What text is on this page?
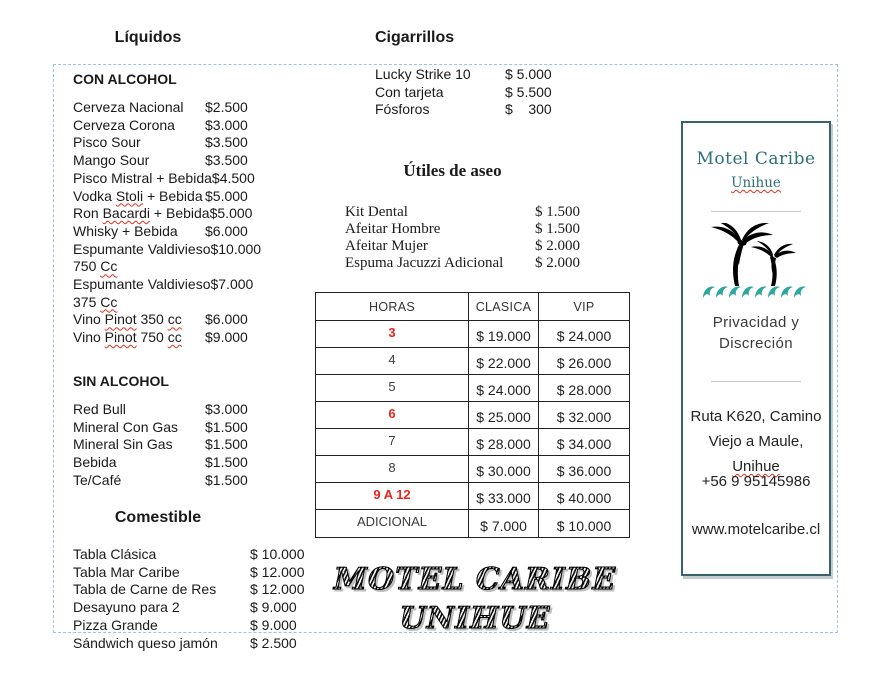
Líquidos	Cigarrillos
Útiles de aseo
Comestible
CON ALCOHOL
Cerveza Nacional $2.500
Cerveza Corona $3.000
Pisco Sour	$3.500
Mango Sour	$3.500
Pisco Mistral + Bebida$4.500
Vodka Stoli + Bebida $5.000
Ron Bacardi + Bebida$5.000
Whisky + Bebida $6.000
Espumante Valdivieso$10.000
750 Cc
Espumante Valdivieso$7.000
375 Cc
Vino Pinot 350 cc $6.000
Vino Pinot 750 cc $9.000
SIN ALCOHOL
Red Bull	$3.000
Mineral Con Gas $1.500
Mineral Sin Gas $1.500
Bebida	$1.500
Te/Café	$1.500
Tabla Clásica	$ 10.000
Tabla Mar Caribe	$ 12.000
Tabla de Carne de Res $ 12.000
Desayuno para 2	$ 9.000
Pizza Grande	$ 9.000
Sándwich queso jamón $ 2.500
Lucky Strike 10 $ 5.000
Con tarjeta	$ 5.500
Fósforos	$    300
Kit Dental	$ 1.500
Afeitar Hombre	$ 1.500
Afeitar Mujer	$ 2.000
Espuma Jacuzzi Adicional$ 2.000
HORAS	CLASICA	VIP
3	$ 19.000	$ 24.000
4	$ 22.000	$ 26.000
5	$ 24.000	$ 28.000
6	$ 25.000	$ 32.000
7	$ 28.000	$ 34.000
8	$ 30.000	$ 36.000
9 A 12	$ 33.000	$ 40.000
ADICIONAL	$ 7.000	$ 10.000
MOTEL CARIBE
UNIHUE
Motel Caribe
Unihue
Privacidad y
Discreción
Ruta K620, Camino
Viejo a Maule, Unihue
+56 9 95145986
www.motelcaribe.cl
